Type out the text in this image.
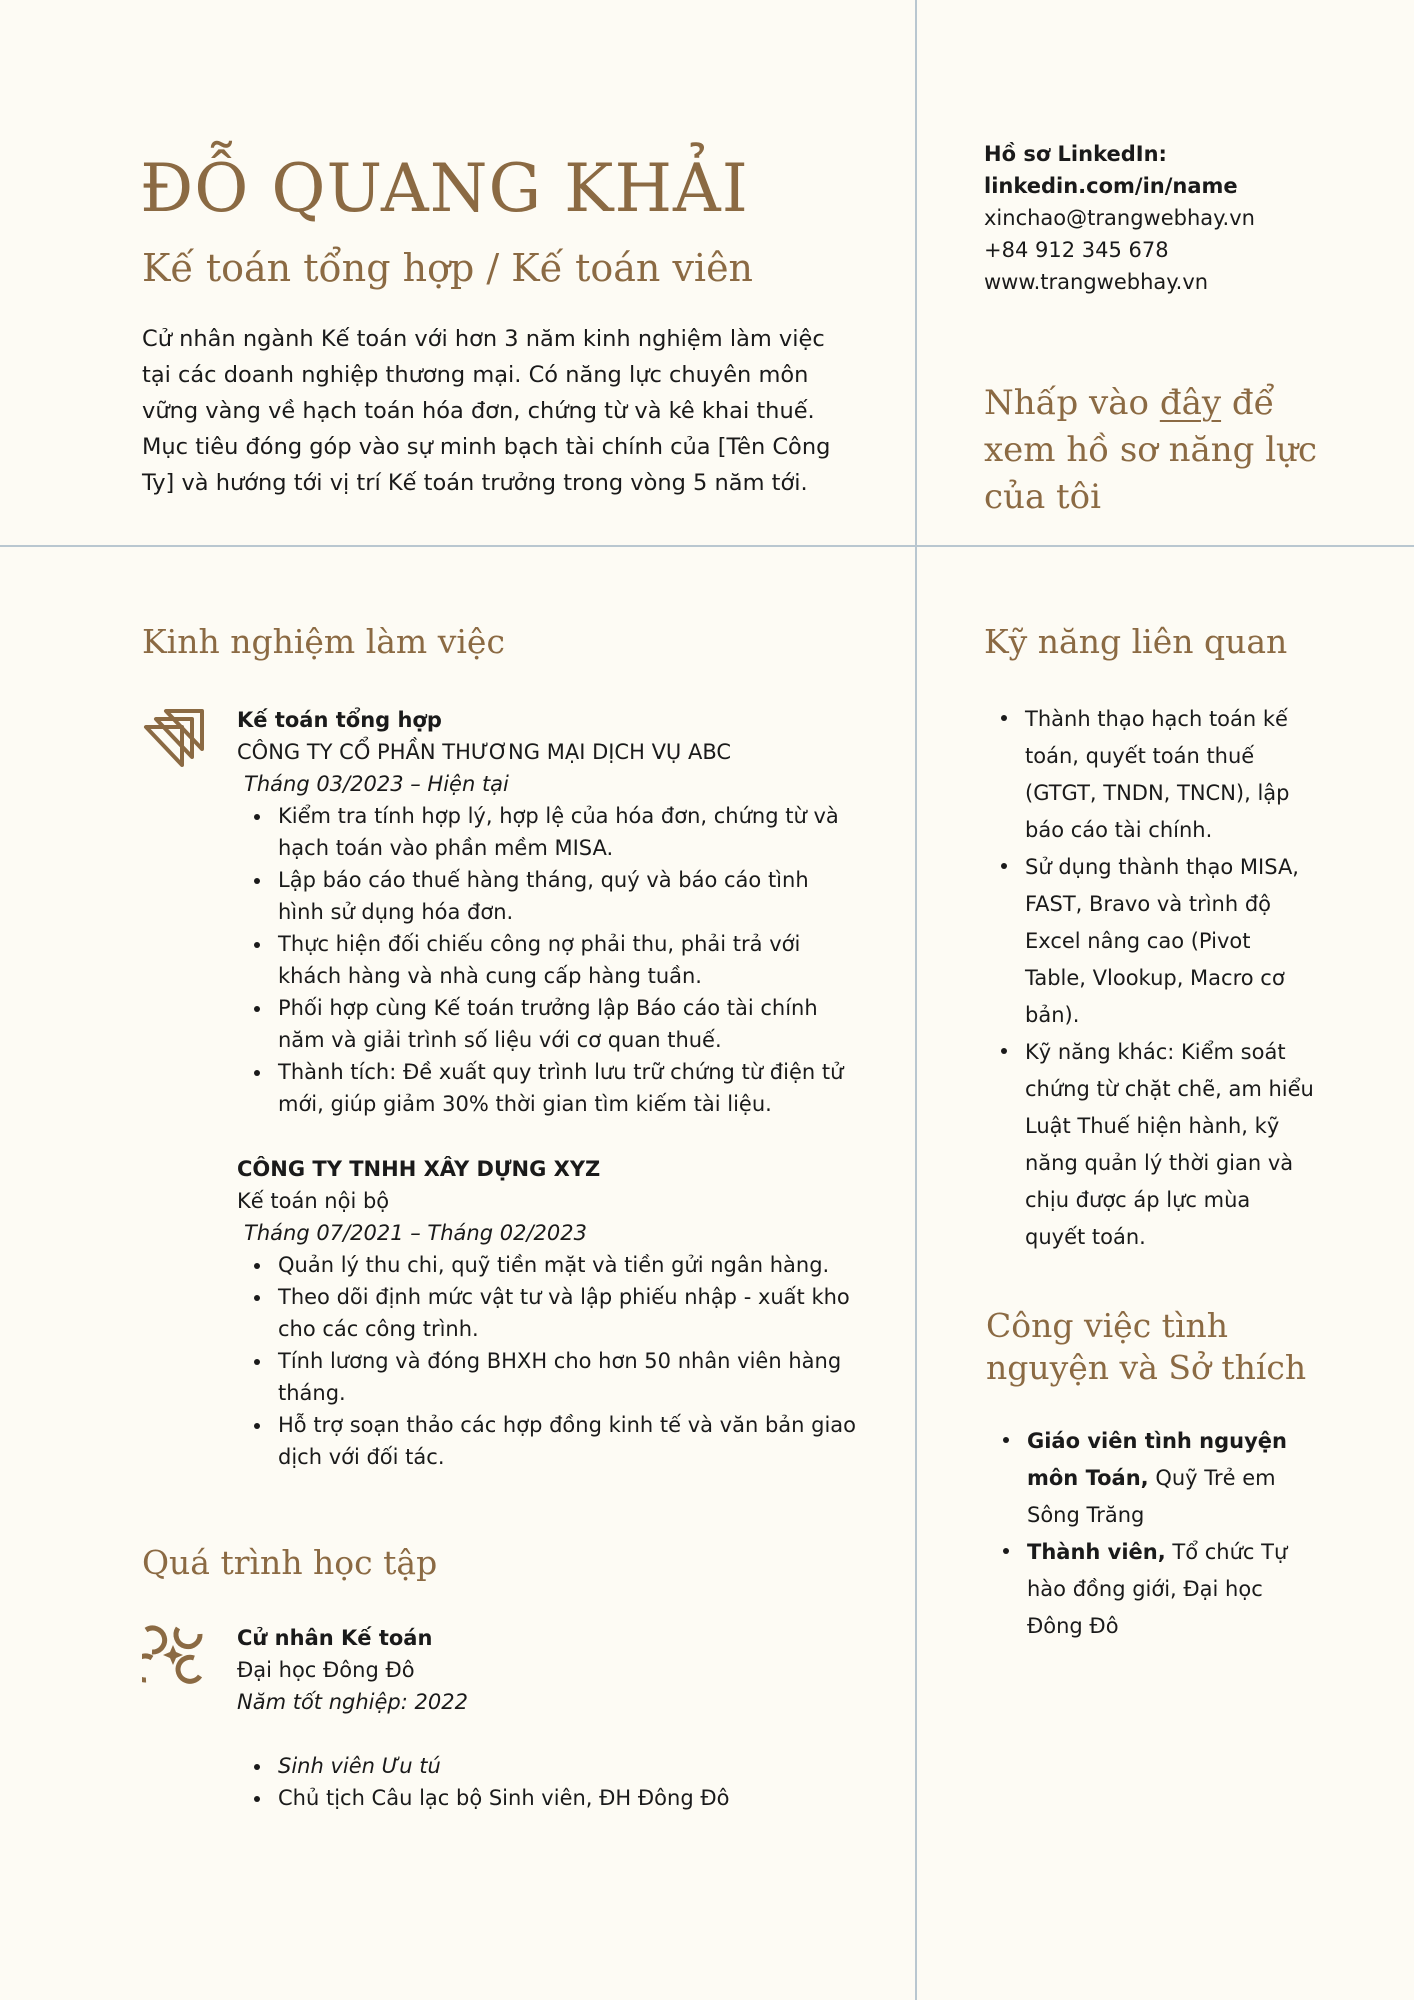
ĐỖ QUANG KHẢI
Kế toán tổng hợp / Kế toán viên

Cử nhân ngành Kế toán với hơn 3 năm kinh nghiệm làm việc tại các doanh nghiệp thương mại. Có năng lực chuyên môn vững vàng về hạch toán hóa đơn, chứng từ và kê khai thuế. Mục tiêu đóng góp vào sự minh bạch tài chính của [Tên Công Ty] và hướng tới vị trí Kế toán trưởng trong vòng 5 năm tới.

Hồ sơ LinkedIn:
linkedin.com/in/name
xinchao@trangwebhay.vn
+84 912 345 678
www.trangwebhay.vn
Nhấp vào đây để xem hồ sơ năng lực của tôi
Kinh nghiệm làm việc
Kế toán tổng hợp
CÔNG TY CỔ PHẦN THƯƠNG MẠI DỊCH VỤ ABC
Tháng 03/2023 – Hiện tại
Kiểm tra tính hợp lý, hợp lệ của hóa đơn, chứng từ và hạch toán vào phần mềm MISA.
Lập báo cáo thuế hàng tháng, quý và báo cáo tình hình sử dụng hóa đơn.
Thực hiện đối chiếu công nợ phải thu, phải trả với khách hàng và nhà cung cấp hàng tuần.
Phối hợp cùng Kế toán trưởng lập Báo cáo tài chính năm và giải trình số liệu với cơ quan thuế.
Thành tích: Đề xuất quy trình lưu trữ chứng từ điện tử mới, giúp giảm 30% thời gian tìm kiếm tài liệu.
CÔNG TY TNHH XÂY DỰNG XYZ
Kế toán nội bộ
Tháng 07/2021 – Tháng 02/2023
Quản lý thu chi, quỹ tiền mặt và tiền gửi ngân hàng.
Theo dõi định mức vật tư và lập phiếu nhập - xuất kho cho các công trình.
Tính lương và đóng BHXH cho hơn 50 nhân viên hàng tháng.
Hỗ trợ soạn thảo các hợp đồng kinh tế và văn bản giao dịch với đối tác.
Quá trình học tập
Cử nhân Kế toán
Đại học Đông Đô
Năm tốt nghiệp: 2022
Sinh viên Ưu tú
Chủ tịch Câu lạc bộ Sinh viên, ĐH Đông Đô
Kỹ năng liên quan
Thành thạo hạch toán kế toán, quyết toán thuế (GTGT, TNDN, TNCN), lập báo cáo tài chính.
Sử dụng thành thạo MISA, FAST, Bravo và trình độ Excel nâng cao (Pivot Table, Vlookup, Macro cơ bản).
Kỹ năng khác: Kiểm soát chứng từ chặt chẽ, am hiểu Luật Thuế hiện hành, kỹ năng quản lý thời gian và chịu được áp lực mùa quyết toán.
Công việc tình nguyện và Sở thích
Giáo viên tình nguyện môn Toán, Quỹ Trẻ em Sông Trăng
Thành viên, Tổ chức Tự hào đồng giới, Đại học Đông Đô
